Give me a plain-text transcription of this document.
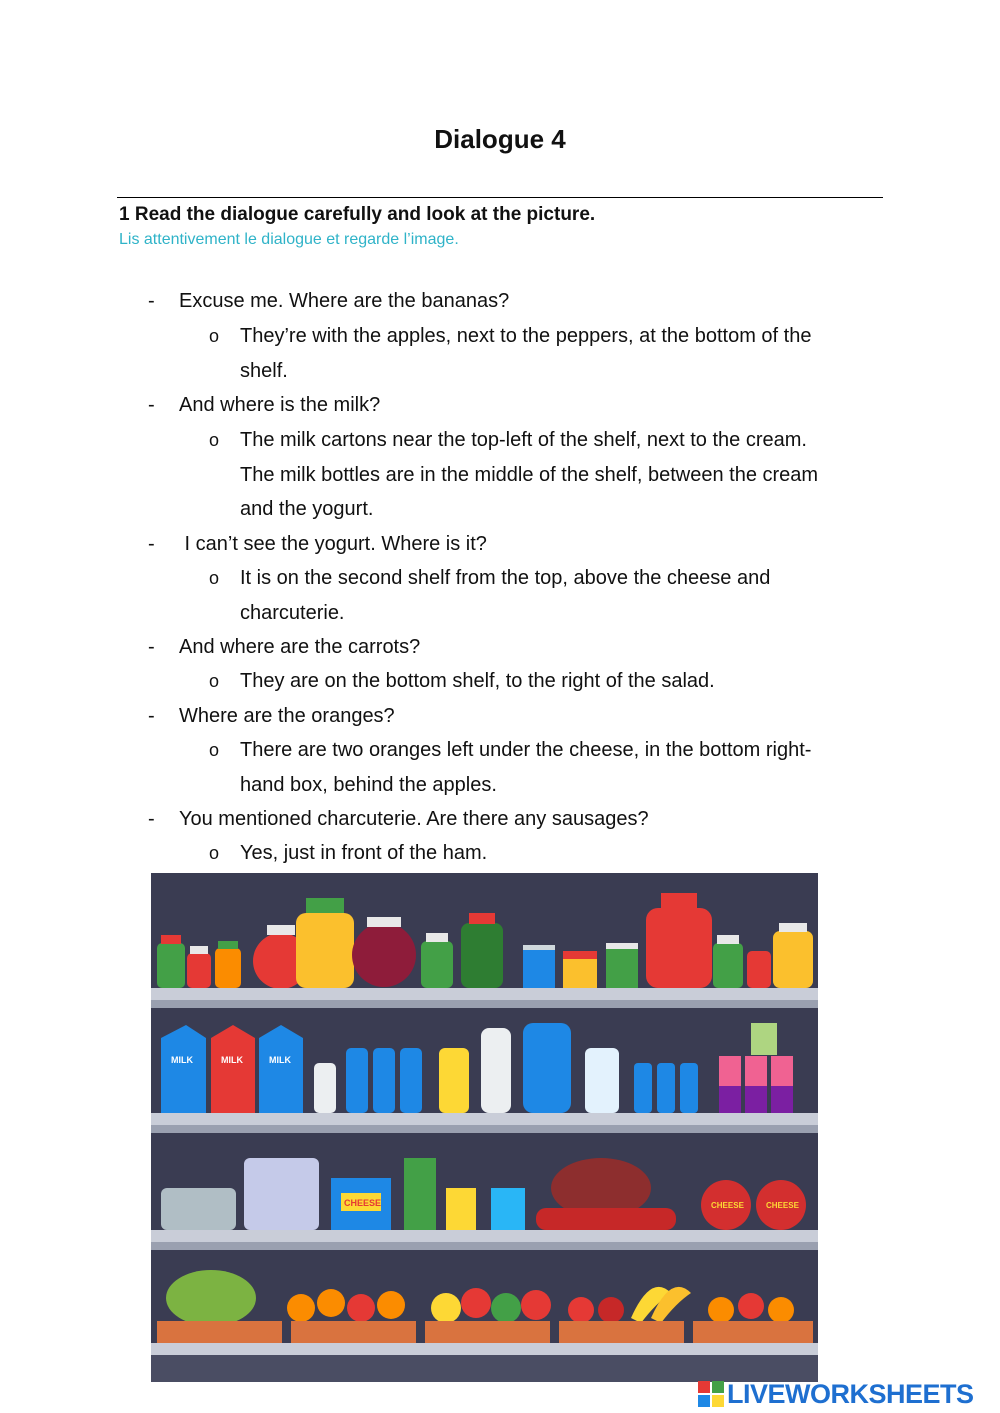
Dialogue 4
1 Read the dialogue carefully and look at the picture.
Lis attentivement le dialogue et regarde l’image.
- Excuse me. Where are the bananas?
o They’re with the apples, next to the peppers, at the bottom of the
shelf.
- And where is the milk?
o The milk cartons near the top-left of the shelf, next to the cream.
The milk bottles are in the middle of the shelf, between the cream
and the yogurt.
- I can’t see the yogurt. Where is it?
o It is on the second shelf from the top, above the cheese and
charcuterie.
- And where are the carrots?
o They are on the bottom shelf, to the right of the salad.
- Where are the oranges?
o There are two oranges left under the cheese, in the bottom right-
hand box, behind the apples.
- You mentioned charcuterie. Are there any sausages?
o Yes, just in front of the ham.
MILK	MILK	MILK
CHEESE	CHEESE	CHEESE
LIVEWORKSHEETS
